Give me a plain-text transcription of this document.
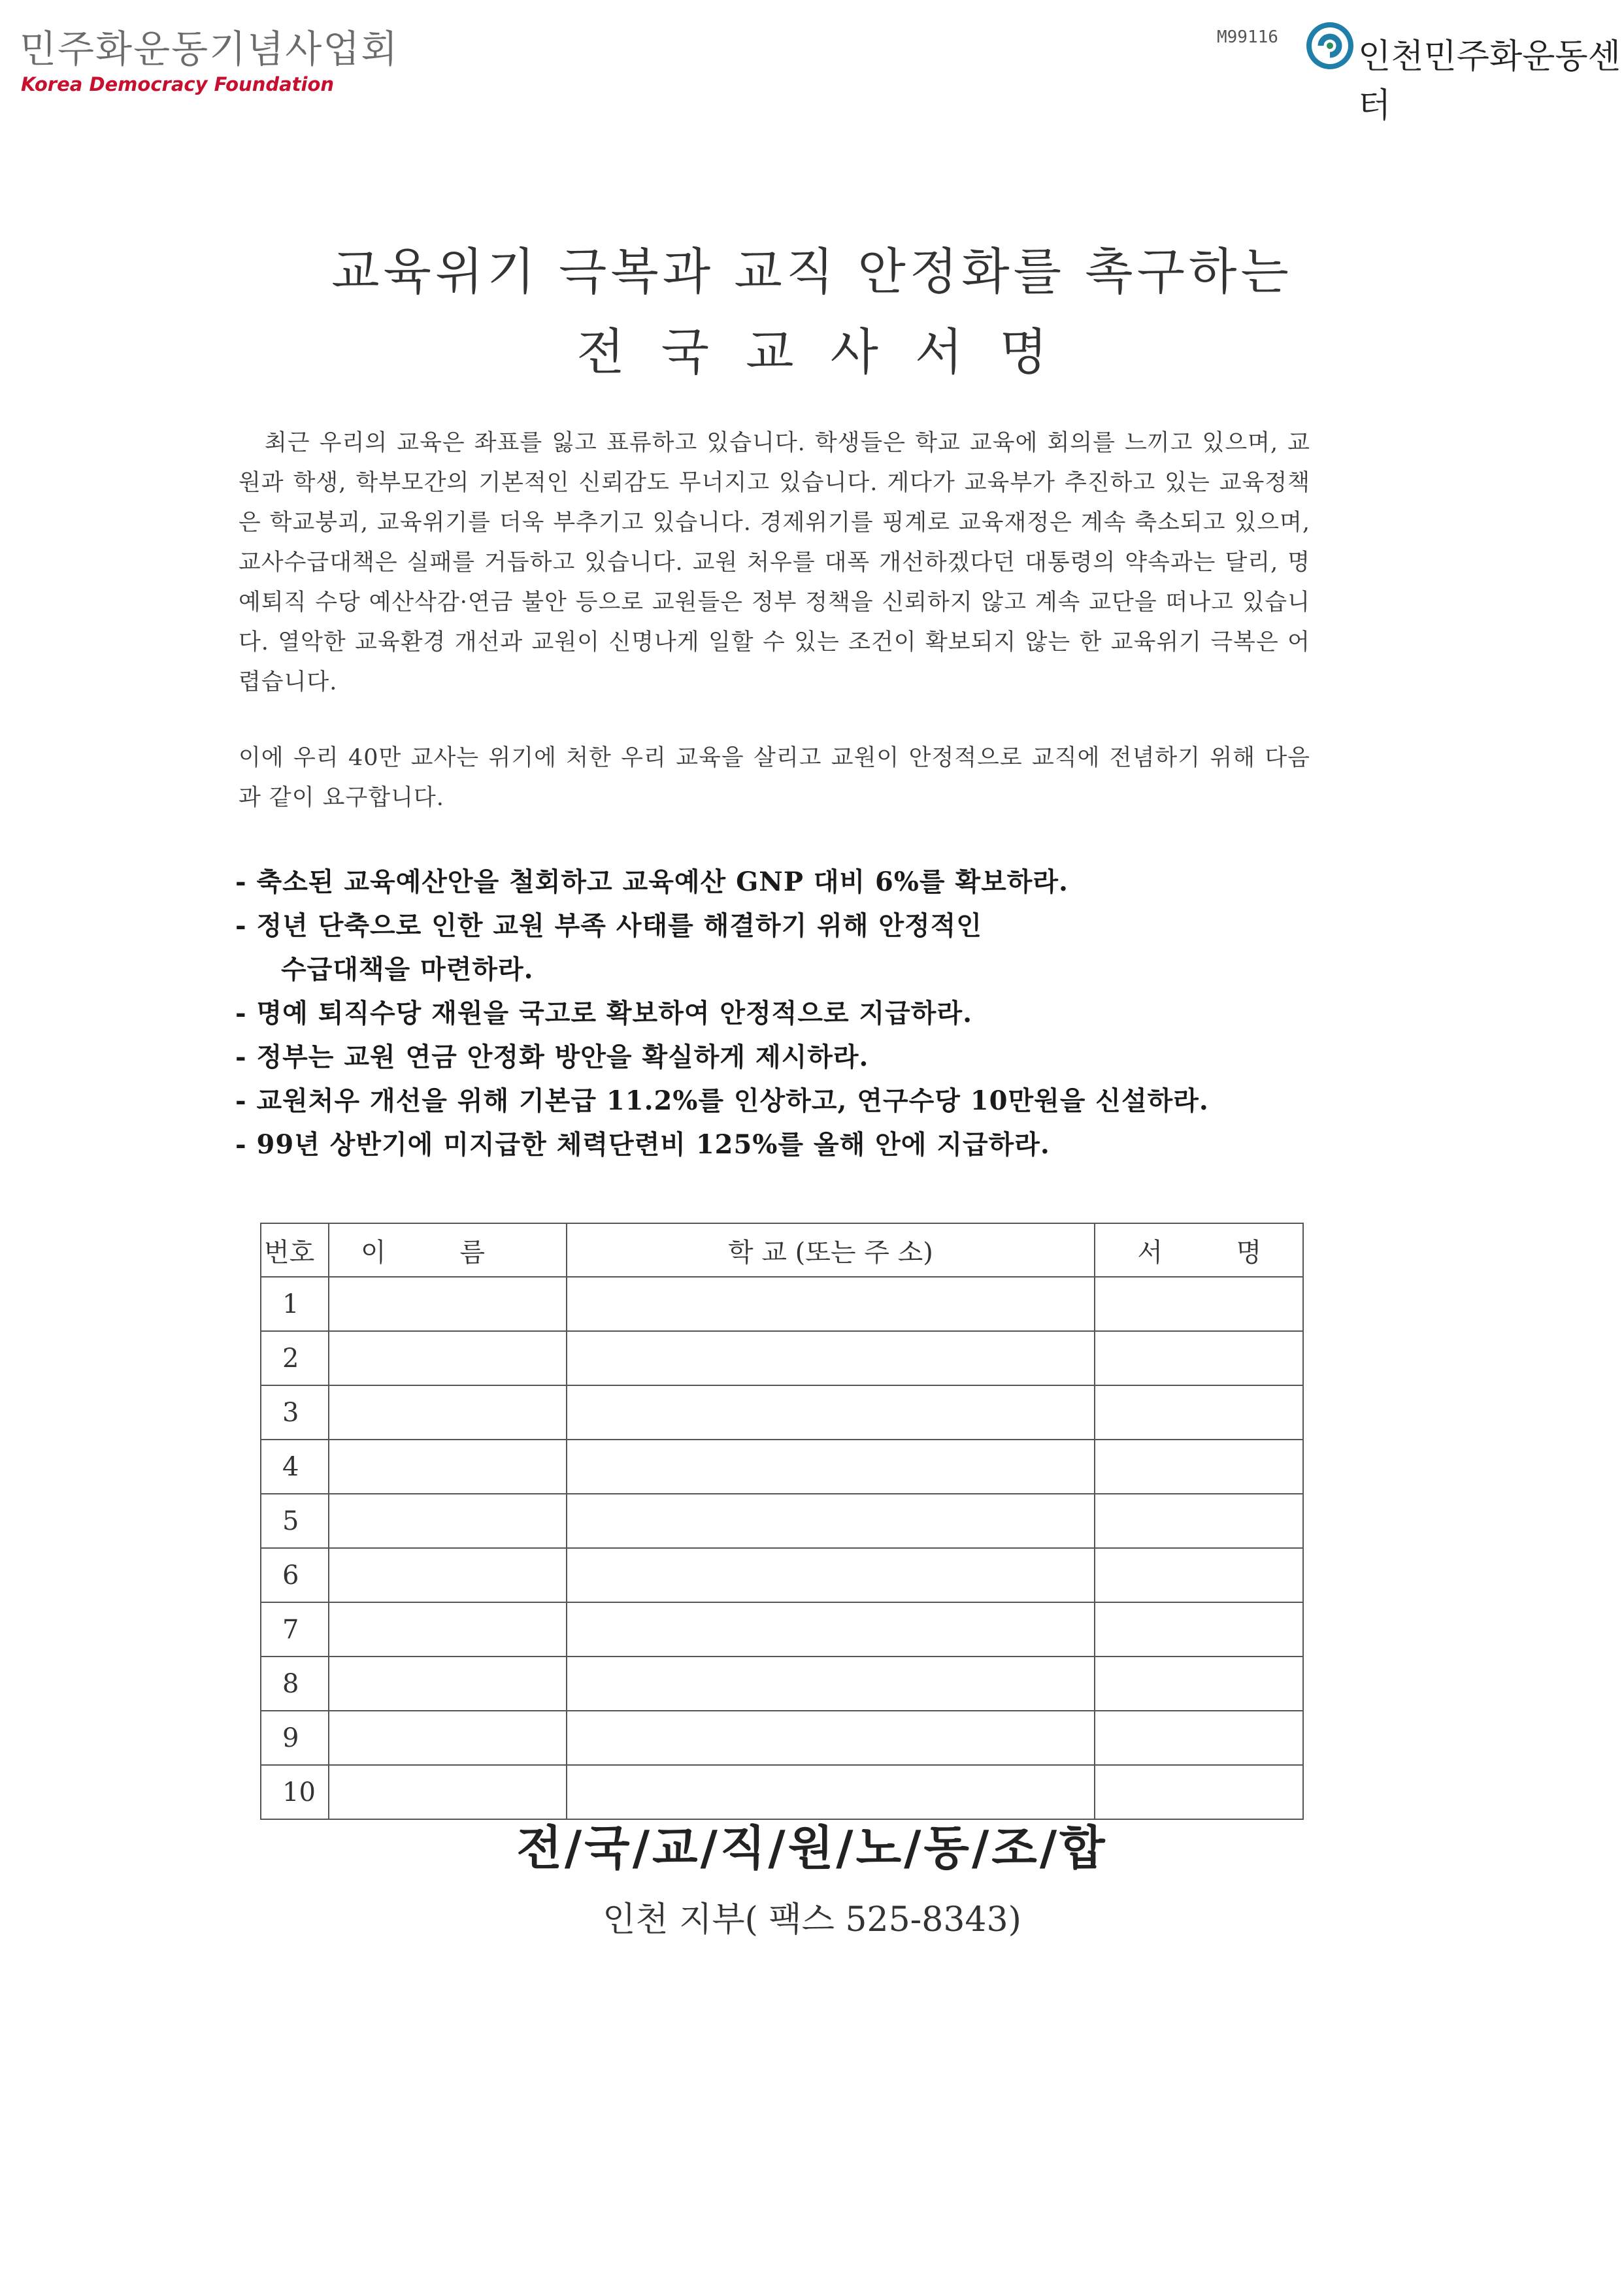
민주화운동기념사업회
Korea Democracy Foundation
M99116 인천민주화운동센터
교육위기 극복과 교직 안정화를 촉구하는
전국교사서명
최근 우리의 교육은 좌표를 잃고 표류하고 있습니다. 학생들은 학교 교육에 회의를 느끼고 있으며, 교원과 학생, 학부모간의 기본적인 신뢰감도 무너지고 있습니다. 게다가 교육부가 추진하고 있는 교육정책은 학교붕괴, 교육위기를 더욱 부추기고 있습니다. 경제위기를 핑계로 교육재정은 계속 축소되고 있으며, 교사수급대책은 실패를 거듭하고 있습니다. 교원 처우를 대폭 개선하겠다던 대통령의 약속과는 달리, 명예퇴직 수당 예산삭감·연금 불안 등으로 교원들은 정부 정책을 신뢰하지 않고 계속 교단을 떠나고 있습니다. 열악한 교육환경 개선과 교원이 신명나게 일할 수 있는 조건이 확보되지 않는 한 교육위기 극복은 어렵습니다.
이에 우리 40만 교사는 위기에 처한 우리 교육을 살리고 교원이 안정적으로 교직에 전념하기 위해 다음과 같이 요구합니다.
- 축소된 교육예산안을 철회하고 교육예산 GNP 대비 6%를 확보하라.
- 정년 단축으로 인한 교원 부족 사태를 해결하기 위해 안정적인
수급대책을 마련하라.
- 명예 퇴직수당 재원을 국고로 확보하여 안정적으로 지급하라.
- 정부는 교원 연금 안정화 방안을 확실하게 제시하라.
- 교원처우 개선을 위해 기본급 11.2%를 인상하고, 연구수당 10만원을 신설하라.
- 99년 상반기에 미지급한 체력단련비 125%를 올해 안에 지급하라.
번호	이 름	학 교 (또는 주 소)	서 명
1			
2			
3			
4			
5			
6			
7			
8			
9			
10			
전/국/교/직/원/노/동/조/합
인천 지부( 팩스 525-8343)
